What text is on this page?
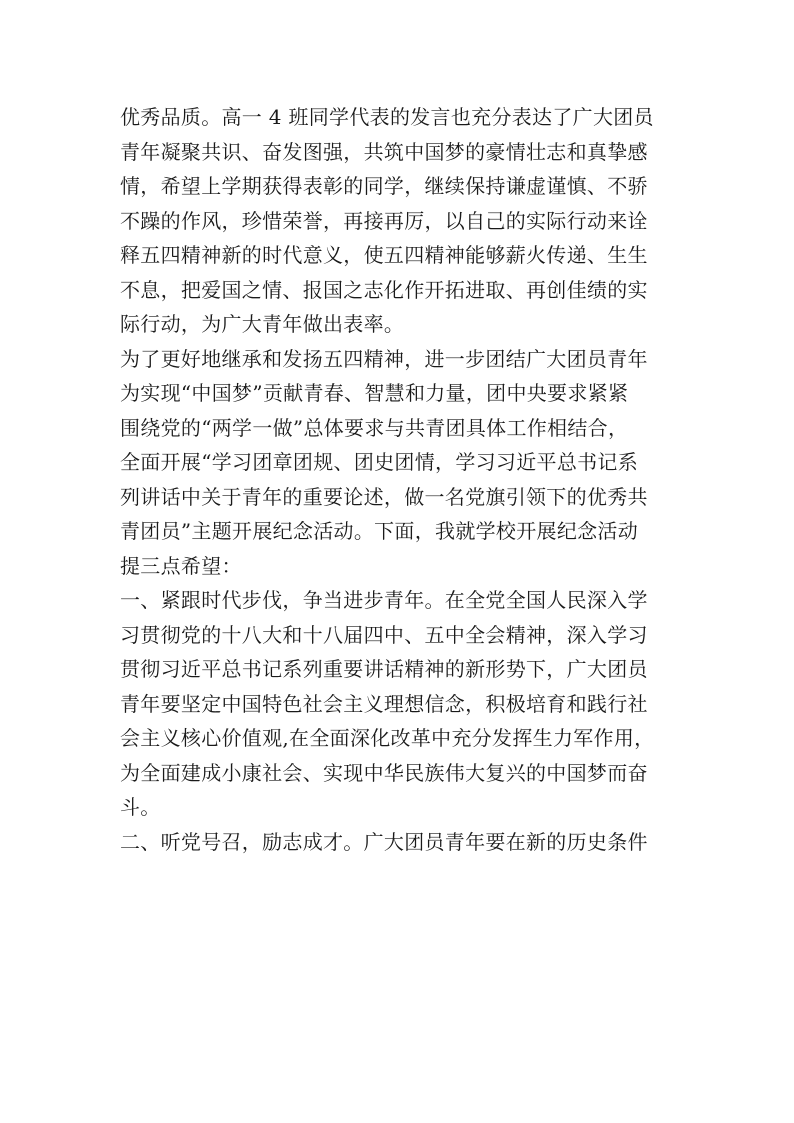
优秀品质。高一 4 班同学代表的发言也充分表达了广大团员
青年凝聚共识、奋发图强，共筑中国梦的豪情壮志和真挚感
情，希望上学期获得表彰的同学，继续保持谦虚谨慎、不骄
不躁的作风，珍惜荣誉，再接再厉，以自己的实际行动来诠
释五四精神新的时代意义，使五四精神能够薪火传递、生生
不息，把爱国之情、报国之志化作开拓进取、再创佳绩的实
际行动，为广大青年做出表率。
为了更好地继承和发扬五四精神，进一步团结广大团员青年
为实现“中国梦”贡献青春、智慧和力量，团中央要求紧紧
围绕党的“两学一做”总体要求与共青团具体工作相结合，
全面开展“学习团章团规、团史团情，学习习近平总书记系
列讲话中关于青年的重要论述，做一名党旗引领下的优秀共
青团员”主题开展纪念活动。下面，我就学校开展纪念活动
提三点希望：
一、紧跟时代步伐，争当进步青年。在全党全国人民深入学
习贯彻党的十八大和十八届四中、五中全会精神，深入学习
贯彻习近平总书记系列重要讲话精神的新形势下，广大团员
青年要坚定中国特色社会主义理想信念，积极培育和践行社
会主义核心价值观,在全面深化改革中充分发挥生力军作用，
为全面建成小康社会、实现中华民族伟大复兴的中国梦而奋
斗。
二、听党号召，励志成才。广大团员青年要在新的历史条件
